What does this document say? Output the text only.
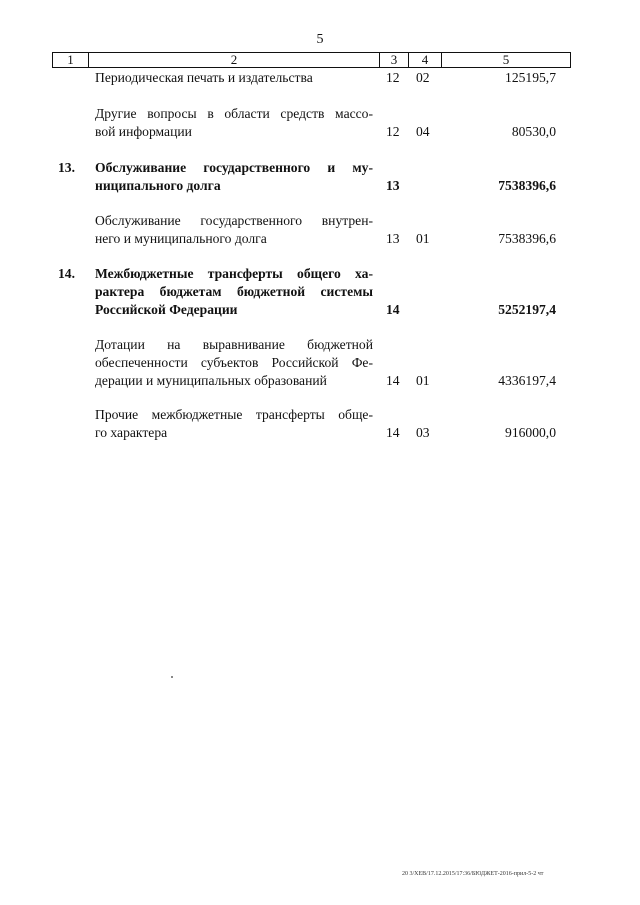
5
1	2	3	4	5
Периодическая печать и издательства	12 02	125195,7
Другие вопросы в области средств массо-
вой информации	12 04	80530,0
13. Обслуживание государственного и му-
ниципального долга	13	7538396,6
Обслуживание государственного внутрен-
него и муниципального долга	13 01	7538396,6
14. Межбюджетные трансферты общего ха-
рактера бюджетам бюджетной системы
Российской Федерации	14	5252197,4
Дотации на выравнивание бюджетной
обеспеченности субъектов Российской Фе-
дерации и муниципальных образований	14 01	4336197,4
Прочие межбюджетные трансферты обще-
го характера	14 03	916000,0
20 3/ХЕВ/17.12.2015/17:36/БЮДЖЕТ-2016-прил-5-2 чт
